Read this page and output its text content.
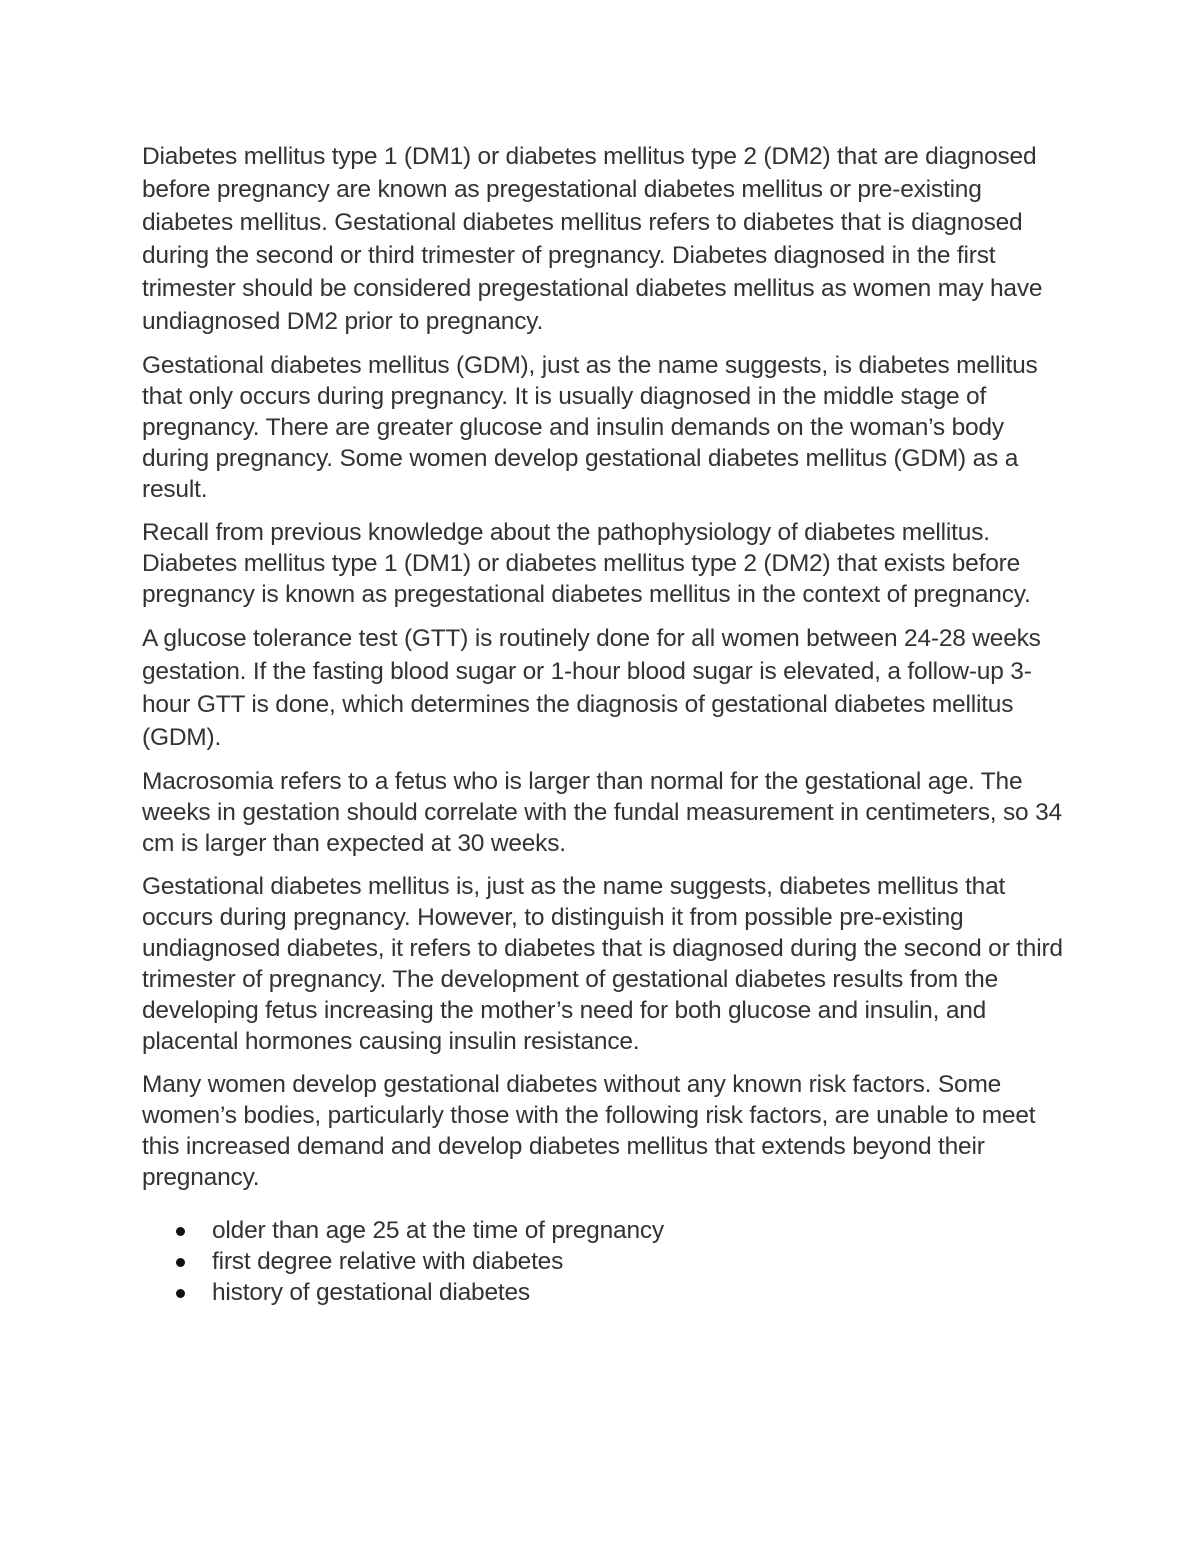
Diabetes mellitus type 1 (DM1) or diabetes mellitus type 2 (DM2) that are diagnosed before pregnancy are known as pregestational diabetes mellitus or pre-existing diabetes mellitus. Gestational diabetes mellitus refers to diabetes that is diagnosed during the second or third trimester of pregnancy. Diabetes diagnosed in the first trimester should be considered pregestational diabetes mellitus as women may have undiagnosed DM2 prior to pregnancy.

Gestational diabetes mellitus (GDM), just as the name suggests, is diabetes mellitus that only occurs during pregnancy. It is usually diagnosed in the middle stage of pregnancy. There are greater glucose and insulin demands on the woman’s body during pregnancy. Some women develop gestational diabetes mellitus (GDM) as a result.

Recall from previous knowledge about the pathophysiology of diabetes mellitus. Diabetes mellitus type 1 (DM1) or diabetes mellitus type 2 (DM2) that exists before pregnancy is known as pregestational diabetes mellitus in the context of pregnancy.

A glucose tolerance test (GTT) is routinely done for all women between 24-28 weeks gestation. If the fasting blood sugar or 1-hour blood sugar is elevated, a follow-up 3-hour GTT is done, which determines the diagnosis of gestational diabetes mellitus (GDM).

Macrosomia refers to a fetus who is larger than normal for the gestational age. The weeks in gestation should correlate with the fundal measurement in centimeters, so 34 cm is larger than expected at 30 weeks.

Gestational diabetes mellitus is, just as the name suggests, diabetes mellitus that occurs during pregnancy. However, to distinguish it from possible pre-existing undiagnosed diabetes, it refers to diabetes that is diagnosed during the second or third trimester of pregnancy. The development of gestational diabetes results from the developing fetus increasing the mother’s need for both glucose and insulin, and placental hormones causing insulin resistance.

Many women develop gestational diabetes without any known risk factors. Some women’s bodies, particularly those with the following risk factors, are unable to meet this increased demand and develop diabetes mellitus that extends beyond their pregnancy.

older than age 25 at the time of pregnancy
first degree relative with diabetes
history of gestational diabetes
